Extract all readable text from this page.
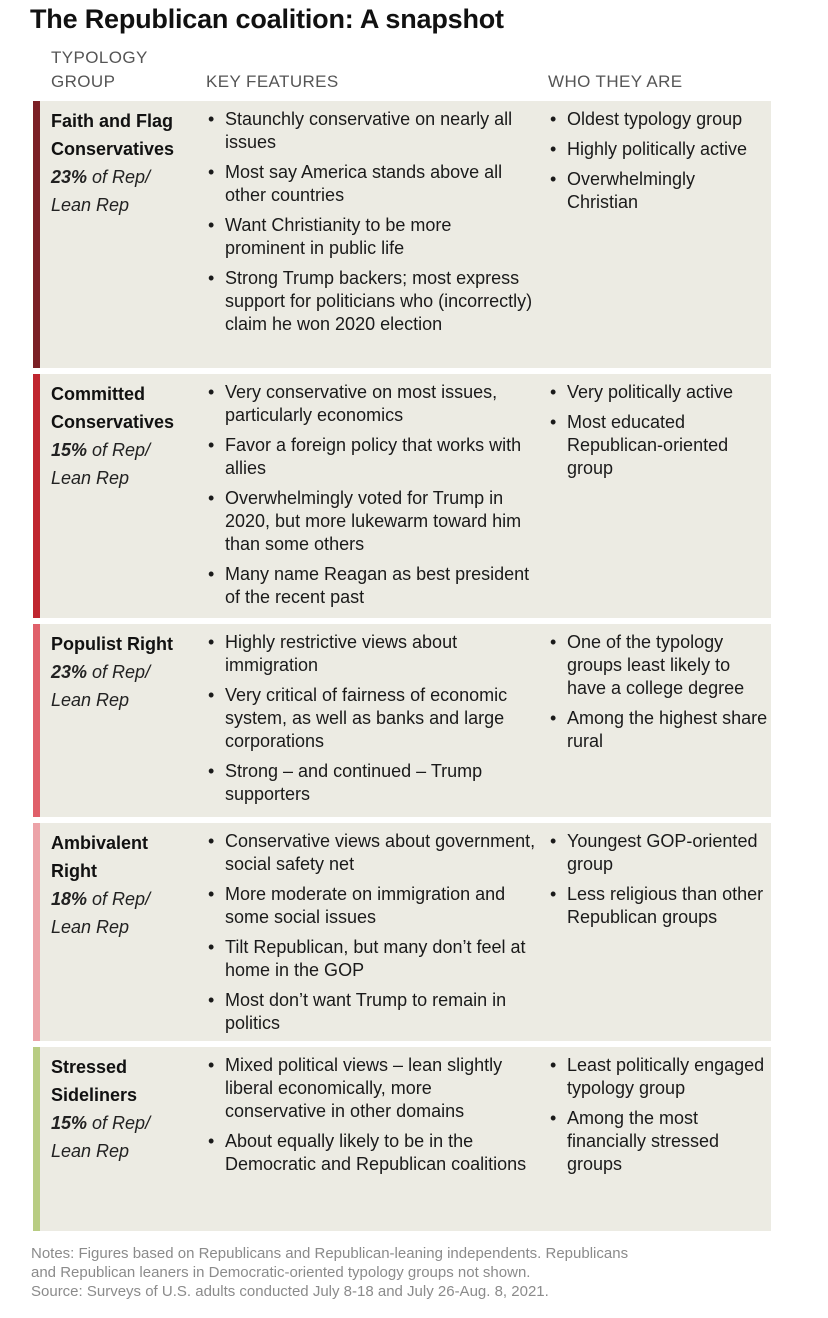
The Republican coalition: A snapshot
TYPOLOGY
GROUP	KEY FEATURES	WHO THEY ARE
Faith and Flag
Conservatives
23% of Rep/
Lean Rep
• Staunchly conservative on nearly all issues
• Most say America stands above all other countries
• Want Christianity to be more prominent in public life
• Strong Trump backers; most express support for politicians who (incorrectly) claim he won 2020 election
• Oldest typology group
• Highly politically active
• Overwhelmingly Christian
Committed
Conservatives
15% of Rep/
Lean Rep
• Very conservative on most issues, particularly economics
• Favor a foreign policy that works with allies
• Overwhelmingly voted for Trump in 2020, but more lukewarm toward him than some others
• Many name Reagan as best president of the recent past
• Very politically active
• Most educated Republican-oriented group
Populist Right
23% of Rep/
Lean Rep
• Highly restrictive views about immigration
• Very critical of fairness of economic system, as well as banks and large corporations
• Strong – and continued – Trump supporters
• One of the typology groups least likely to have a college degree
• Among the highest share rural
Ambivalent
Right
18% of Rep/
Lean Rep
• Conservative views about government, social safety net
• More moderate on immigration and some social issues
• Tilt Republican, but many don’t feel at home in the GOP
• Most don’t want Trump to remain in politics
• Youngest GOP-oriented group
• Less religious than other Republican groups
Stressed
Sideliners
15% of Rep/
Lean Rep
• Mixed political views – lean slightly liberal economically, more conservative in other domains
• About equally likely to be in the Democratic and Republican coalitions
• Least politically engaged typology group
• Among the most financially stressed groups
Notes: Figures based on Republicans and Republican-leaning independents. Republicans
and Republican leaners in Democratic-oriented typology groups not shown.
Source: Surveys of U.S. adults conducted July 8-18 and July 26-Aug. 8, 2021.
